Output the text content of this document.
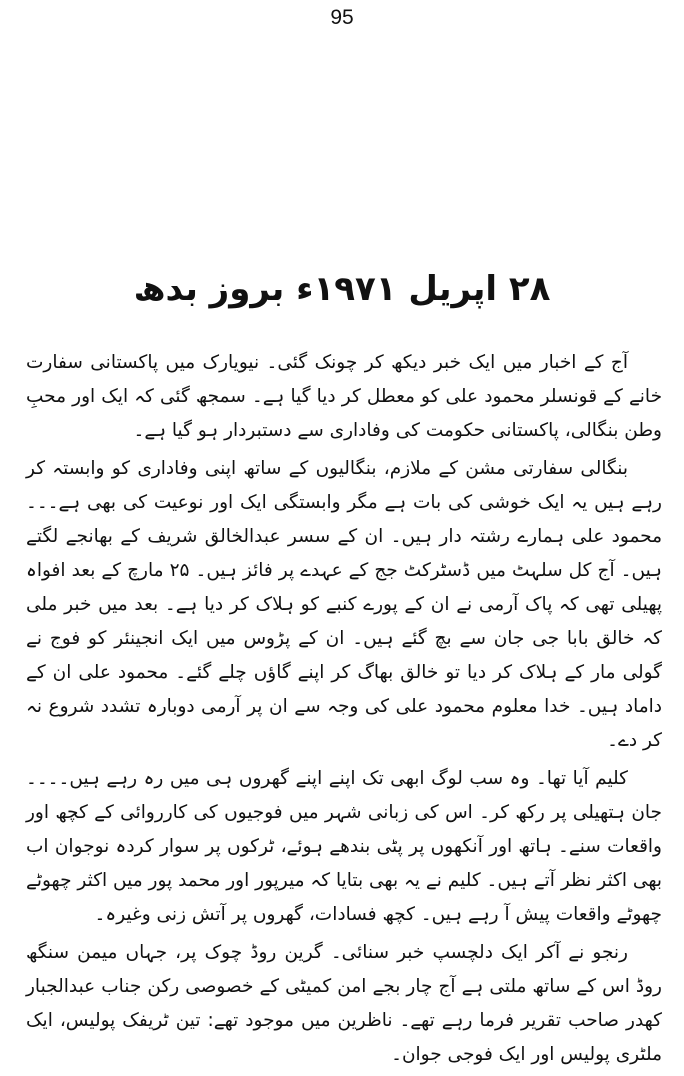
95
۲۸ اپریل ۱۹۷۱ء بروز بدھ

آج کے اخبار میں ایک خبر دیکھ کر چونک گئی۔ نیویارک میں پاکستانی سفارت خانے کے قونسلر محمود علی کو معطل کر دیا گیا ہے۔ سمجھ گئی کہ ایک اور محبِ وطن بنگالی، پاکستانی حکومت کی وفاداری سے دستبردار ہو گیا ہے۔

بنگالی سفارتی مشن کے ملازم، بنگالیوں کے ساتھ اپنی وفاداری کو وابستہ کر رہے ہیں یہ ایک خوشی کی بات ہے مگر وابستگی ایک اور نوعیت کی بھی ہے۔۔۔ محمود علی ہمارے رشتہ دار ہیں۔ ان کے سسر عبدالخالق شریف کے بھانجے لگتے ہیں۔ آج کل سلہٹ میں ڈسٹرکٹ جج کے عہدے پر فائز ہیں۔ ۲۵ مارچ کے بعد افواہ پھیلی تھی کہ پاک آرمی نے ان کے پورے کنبے کو ہلاک کر دیا ہے۔ بعد میں خبر ملی کہ خالق بابا جی جان سے بچ گئے ہیں۔ ان کے پڑوس میں ایک انجینئر کو فوج نے گولی مار کے ہلاک کر دیا تو خالق بھاگ کر اپنے گاؤں چلے گئے۔ محمود علی ان کے داماد ہیں۔ خدا معلوم محمود علی کی وجہ سے ان پر آرمی دوبارہ تشدد شروع نہ کر دے۔

کلیم آیا تھا۔ وہ سب لوگ ابھی تک اپنے اپنے گھروں ہی میں رہ رہے ہیں۔۔۔۔ جان ہتھیلی پر رکھ کر۔ اس کی زبانی شہر میں فوجیوں کی کارروائی کے کچھ اور واقعات سنے۔ ہاتھ اور آنکھوں پر پٹی بندھے ہوئے، ٹرکوں پر سوار کردہ نوجوان اب بھی اکثر نظر آتے ہیں۔ کلیم نے یہ بھی بتایا کہ میرپور اور محمد پور میں اکثر چھوٹے چھوٹے واقعات پیش آ رہے ہیں۔ کچھ فسادات، گھروں پر آتش زنی وغیرہ۔

رنجو نے آکر ایک دلچسپ خبر سنائی۔ گرین روڈ چوک پر، جہاں میمن سنگھ روڈ اس کے ساتھ ملتی ہے آج چار بجے امن کمیٹی کے خصوصی رکن جناب عبدالجبار کھدر صاحب تقریر فرما رہے تھے۔ ناظرین میں موجود تھے: تین ٹریفک پولیس، ایک ملٹری پولیس اور ایک فوجی جوان۔
